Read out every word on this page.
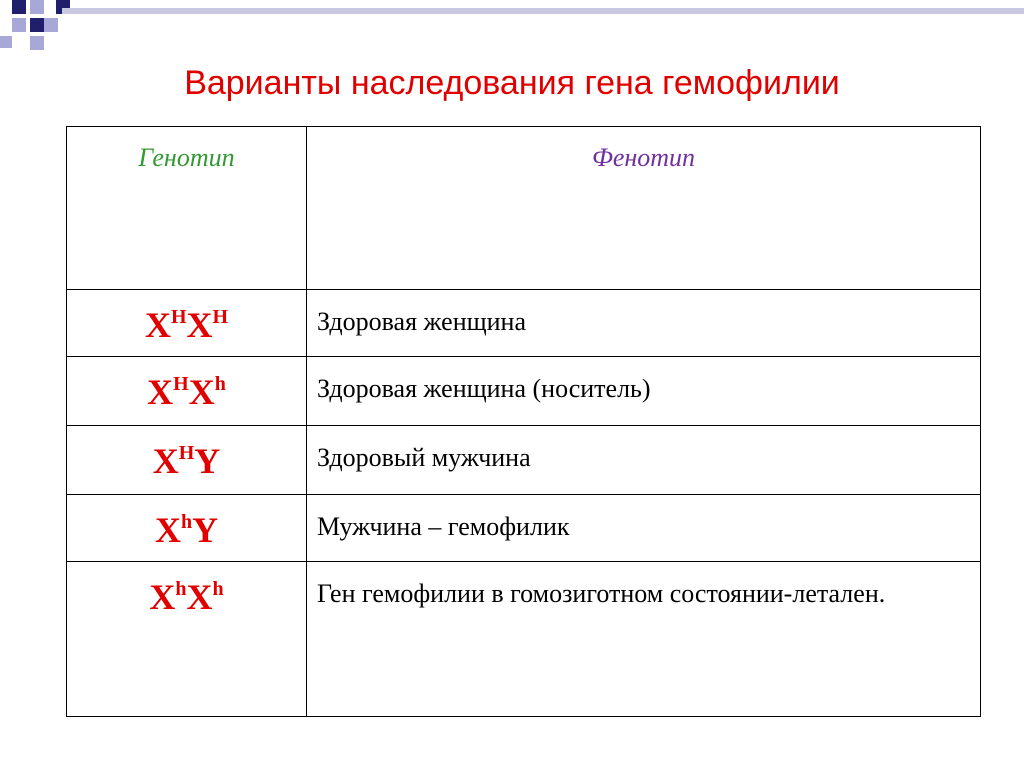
Варианты наследования гена гемофилии
Генотип	Фенотип
$X^HX^H$	Здоровая женщина
$X^HX^h$	Здоровая женщина (носитель)
$X^HY$	Здоровый мужчина
$X^hY$	Мужчина – гемофилик
$X^hX^h$	Ген гемофилии в гомозиготном состоянии-леталeн.
